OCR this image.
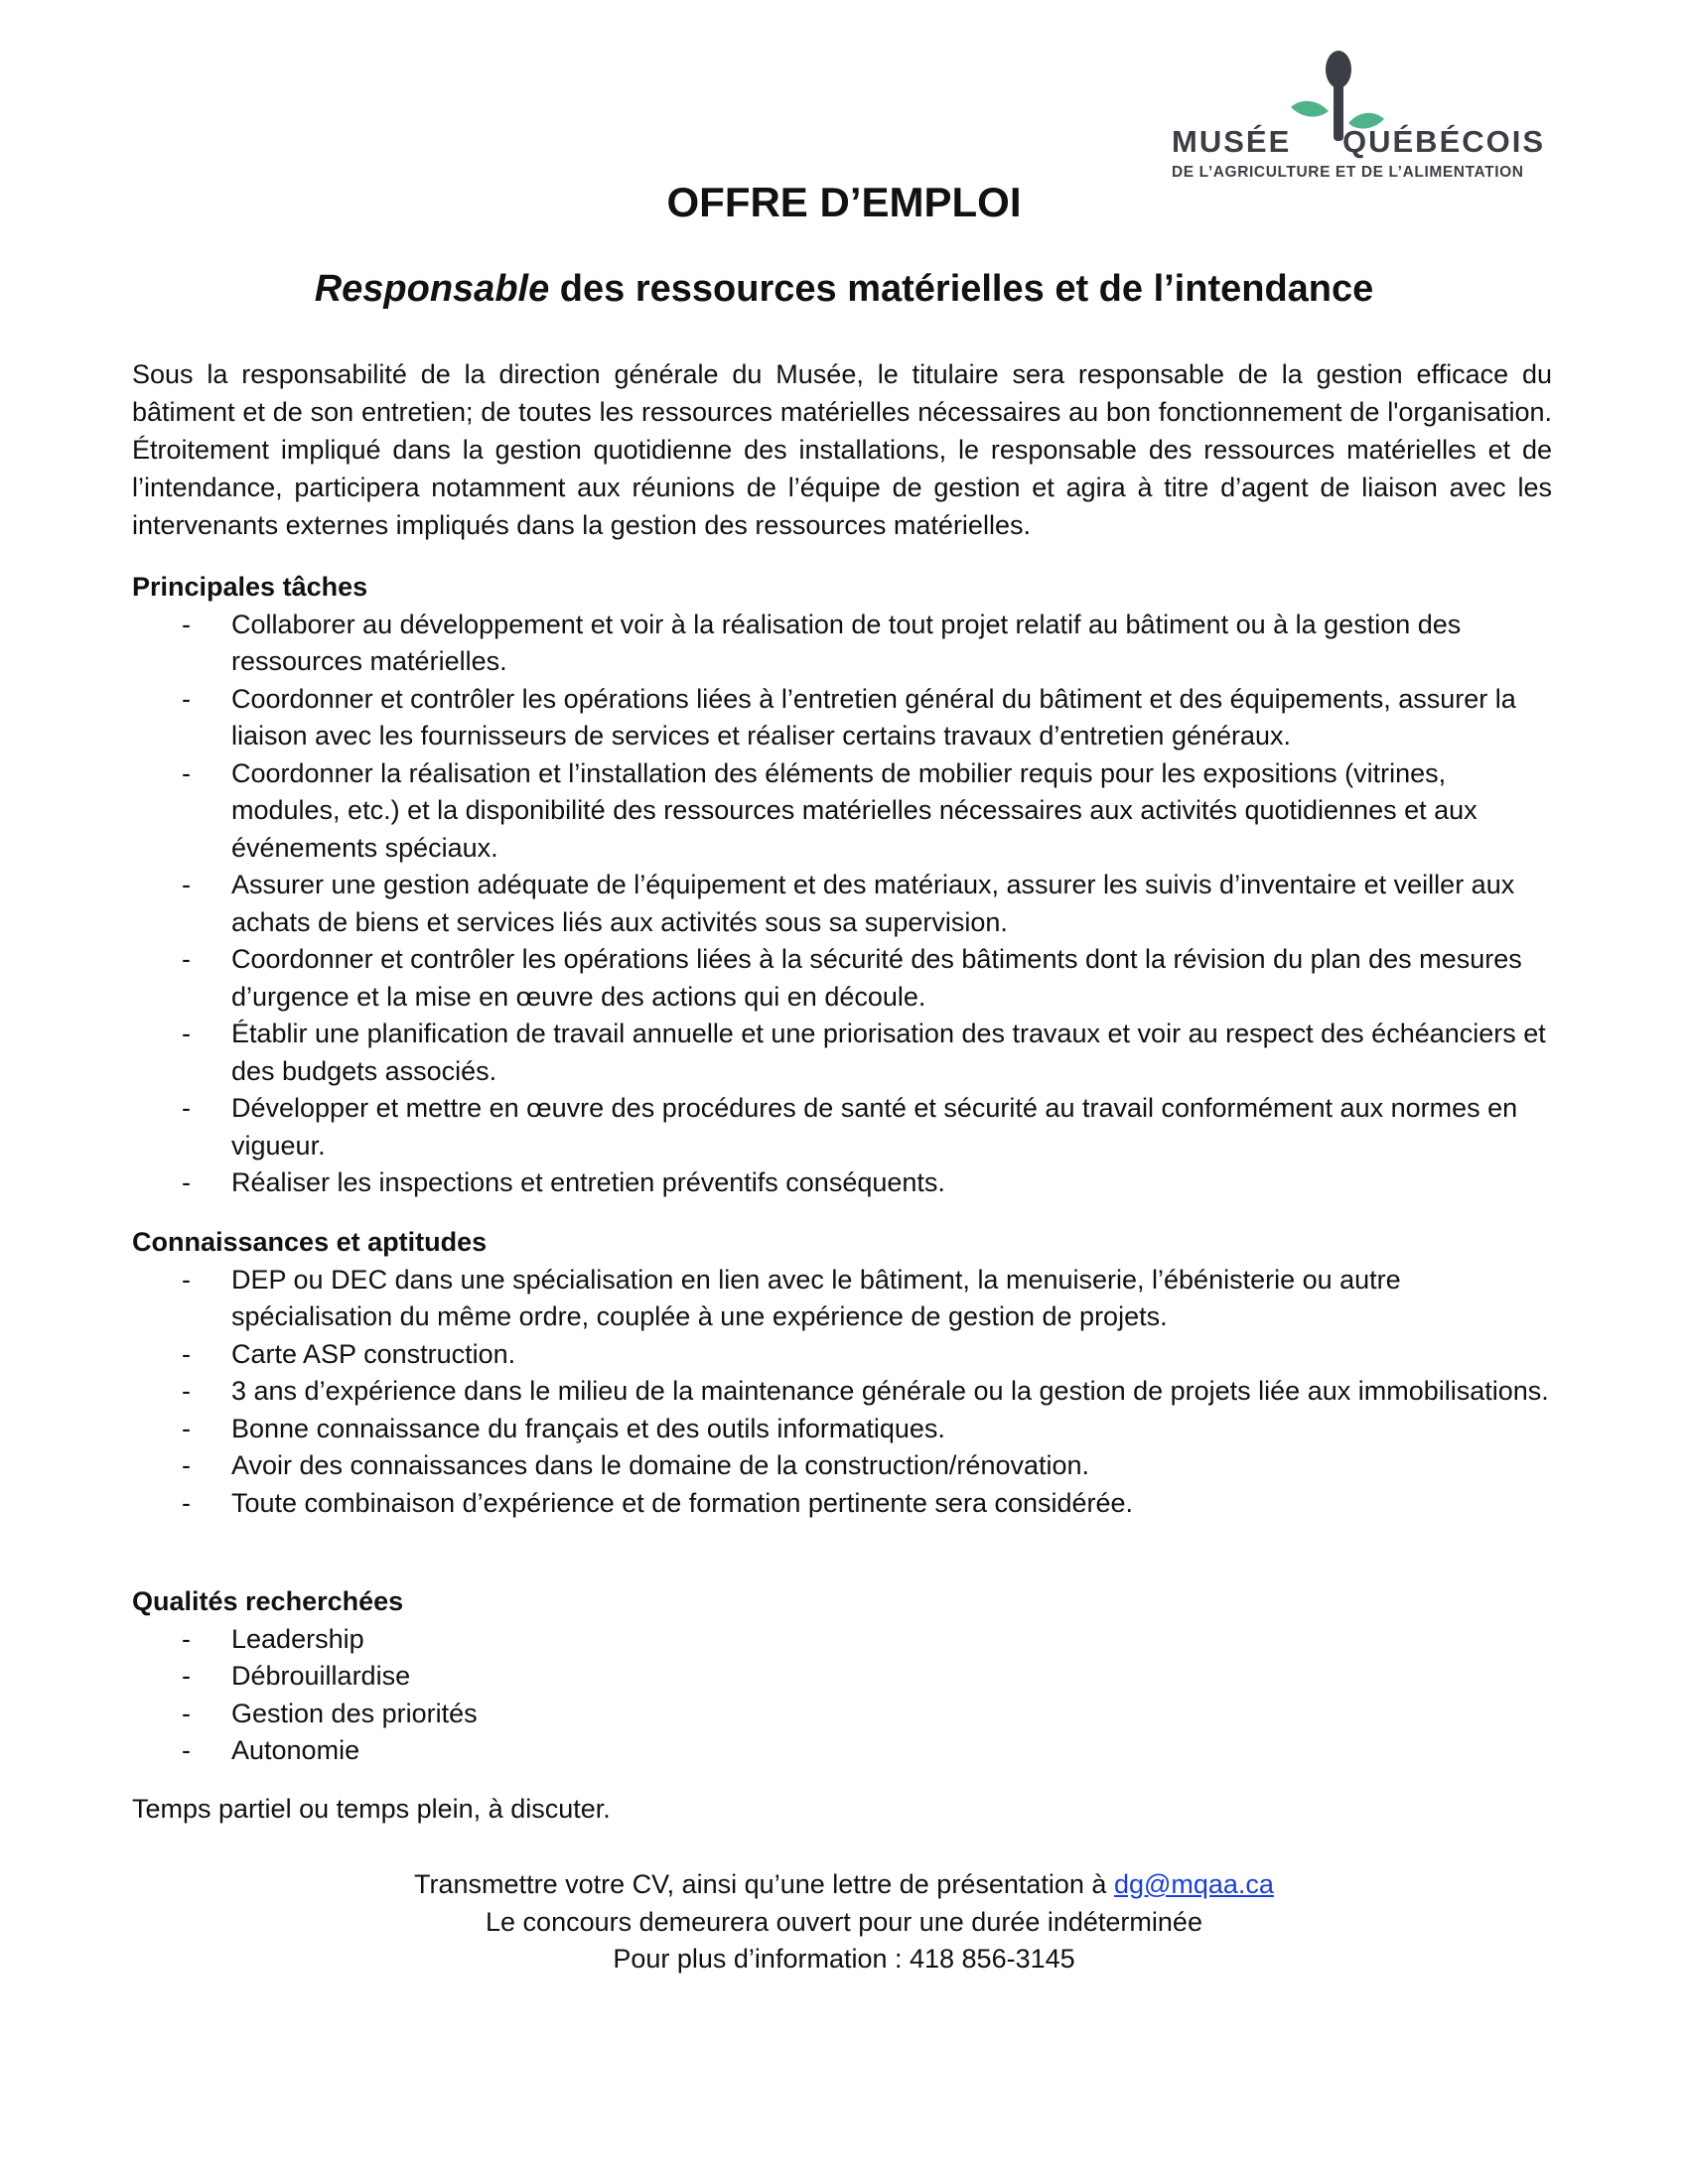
MUSÉE QUÉBÉCOIS
DE L’AGRICULTURE ET DE L’ALIMENTATION
OFFRE D’EMPLOI
Responsable des ressources matérielles et de l’intendance

Sous la responsabilité de la direction générale du Musée, le titulaire sera responsable de la gestion efficace du bâtiment et de son entretien; de toutes les ressources matérielles nécessaires au bon fonctionnement de l'organisation. Étroitement impliqué dans la gestion quotidienne des installations, le responsable des ressources matérielles et de l’intendance, participera notamment aux réunions de l’équipe de gestion et agira à titre d’agent de liaison avec les intervenants externes impliqués dans la gestion des ressources matérielles.

Principales tâches
- Collaborer au développement et voir à la réalisation de tout projet relatif au bâtiment ou à la gestion des ressources matérielles.
- Coordonner et contrôler les opérations liées à l’entretien général du bâtiment et des équipements, assurer la liaison avec les fournisseurs de services et réaliser certains travaux d’entretien généraux.
- Coordonner la réalisation et l’installation des éléments de mobilier requis pour les expositions (vitrines, modules, etc.) et la disponibilité des ressources matérielles nécessaires aux activités quotidiennes et aux événements spéciaux.
- Assurer une gestion adéquate de l’équipement et des matériaux, assurer les suivis d’inventaire et veiller aux achats de biens et services liés aux activités sous sa supervision.
- Coordonner et contrôler les opérations liées à la sécurité des bâtiments dont la révision du plan des mesures d’urgence et la mise en œuvre des actions qui en découle.
- Établir une planification de travail annuelle et une priorisation des travaux et voir au respect des échéanciers et des budgets associés.
- Développer et mettre en œuvre des procédures de santé et sécurité au travail conformément aux normes en vigueur.
- Réaliser les inspections et entretien préventifs conséquents.
Connaissances et aptitudes
- DEP ou DEC dans une spécialisation en lien avec le bâtiment, la menuiserie, l’ébénisterie ou autre spécialisation du même ordre, couplée à une expérience de gestion de projets.
- Carte ASP construction.
- 3 ans d’expérience dans le milieu de la maintenance générale ou la gestion de projets liée aux immobilisations.
- Bonne connaissance du français et des outils informatiques.
- Avoir des connaissances dans le domaine de la construction/rénovation.
- Toute combinaison d’expérience et de formation pertinente sera considérée.
Qualités recherchées
- Leadership
- Débrouillardise
- Gestion des priorités
- Autonomie
Temps partiel ou temps plein, à discuter.
Transmettre votre CV, ainsi qu’une lettre de présentation à dg@mqaa.ca
Le concours demeurera ouvert pour une durée indéterminée
Pour plus d’information : 418 856-3145
